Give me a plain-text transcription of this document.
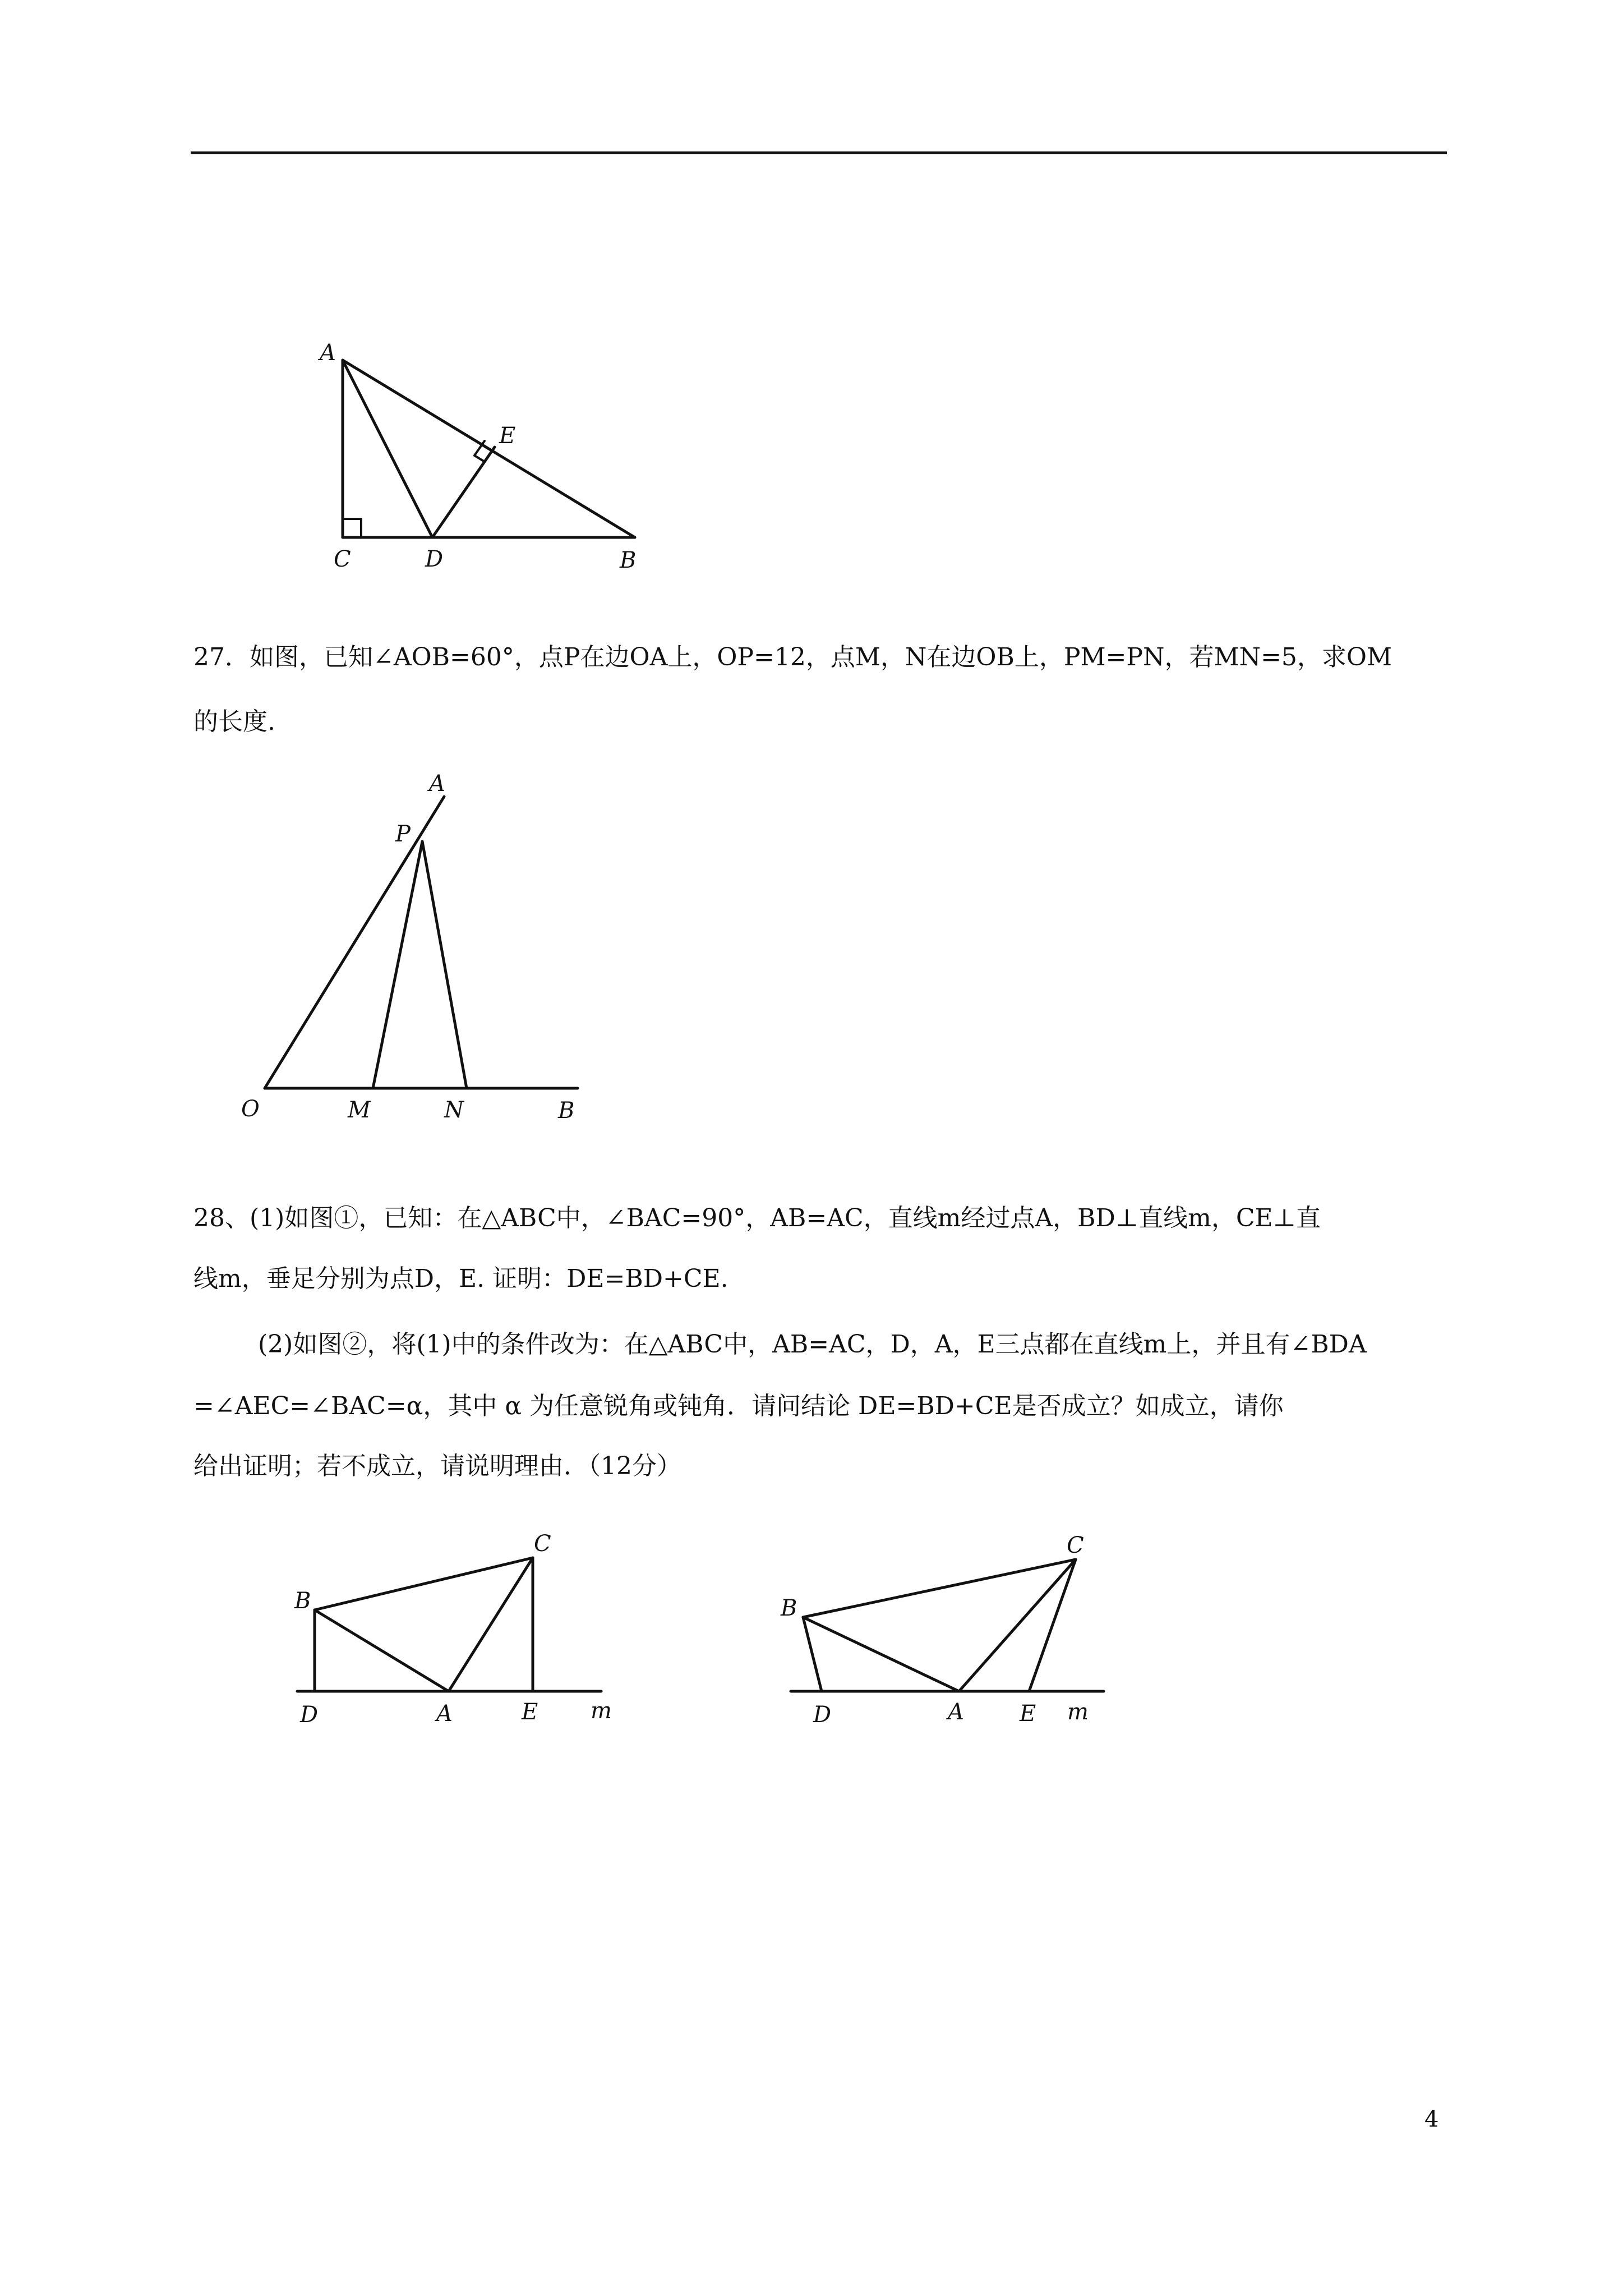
A
E
C	D	B
27．如图，已知∠AOB=60°，点P在边OA上，OP=12，点M，N在边OB上，PM=PN，若MN=5，求OM
的长度.
A
P
O	M	N	B
28、(1)如图①，已知：在△ABC中，∠BAC=90°，AB=AC，直线m经过点A，BD⊥直线m，CE⊥直
线m，垂足分别为点D，E. 证明：DE=BD+CE.
(2)如图②，将(1)中的条件改为：在△ABC中，AB=AC，D，A，E三点都在直线m上，并且有∠BDA
=∠AEC=∠BAC=α，其中 α 为任意锐角或钝角．请问结论 DE=BD+CE是否成立？如成立，请你
给出证明；若不成立，请说明理由．（12分）
C
B
D	A	E m
C
B
D	A E m
4
